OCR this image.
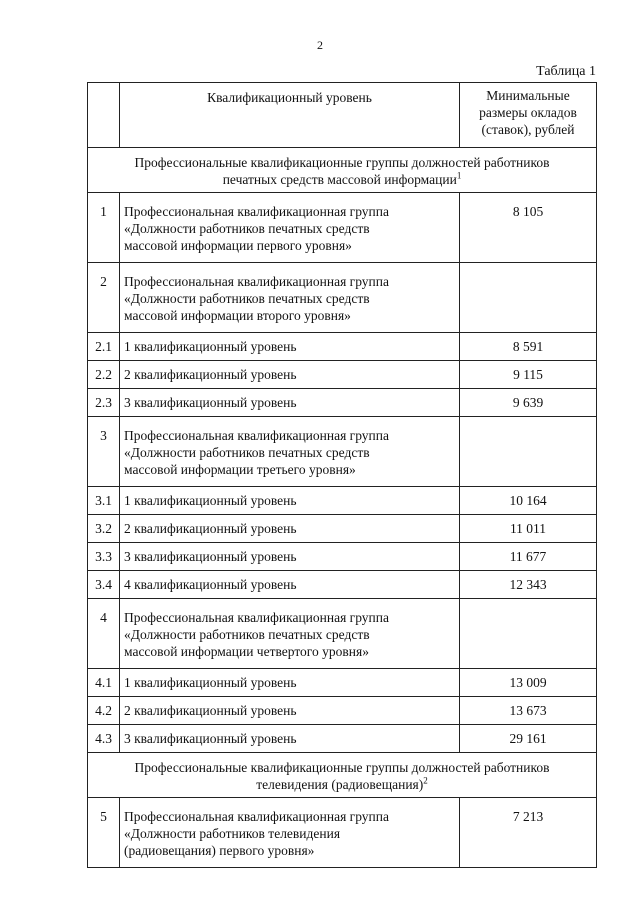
2
Таблица 1
	Квалификационный уровень	Минимальные
размеры окладов
(ставок), рублей

Профессиональные квалификационные группы должностей работников
печатных средств массовой информации$^1$

1	Профессиональная квалификационная группа
«Должности работников печатных средств
массовой информации первого уровня»	8 105
2	Профессиональная квалификационная группа
«Должности работников печатных средств
массовой информации второго уровня»	

2.1	1 квалификационный уровень	8 591
2.2	2 квалификационный уровень	9 115
2.3	3 квалификационный уровень	9 639
3	Профессиональная квалификационная группа
«Должности работников печатных средств
массовой информации третьего уровня»	

3.1	1 квалификационный уровень	10 164
3.2	2 квалификационный уровень	11 011
3.3	3 квалификационный уровень	11 677
3.4	4 квалификационный уровень	12 343
4	Профессиональная квалификационная группа
«Должности работников печатных средств
массовой информации четвертого уровня»	

4.1	1 квалификационный уровень	13 009
4.2	2 квалификационный уровень	13 673
4.3	3 квалификационный уровень	29 161

Профессиональные квалификационные группы должностей работников
телевидения (радиовещания)$^2$

5	Профессиональная квалификационная группа
«Должности работников телевидения
(радиовещания) первого уровня»	7 213
